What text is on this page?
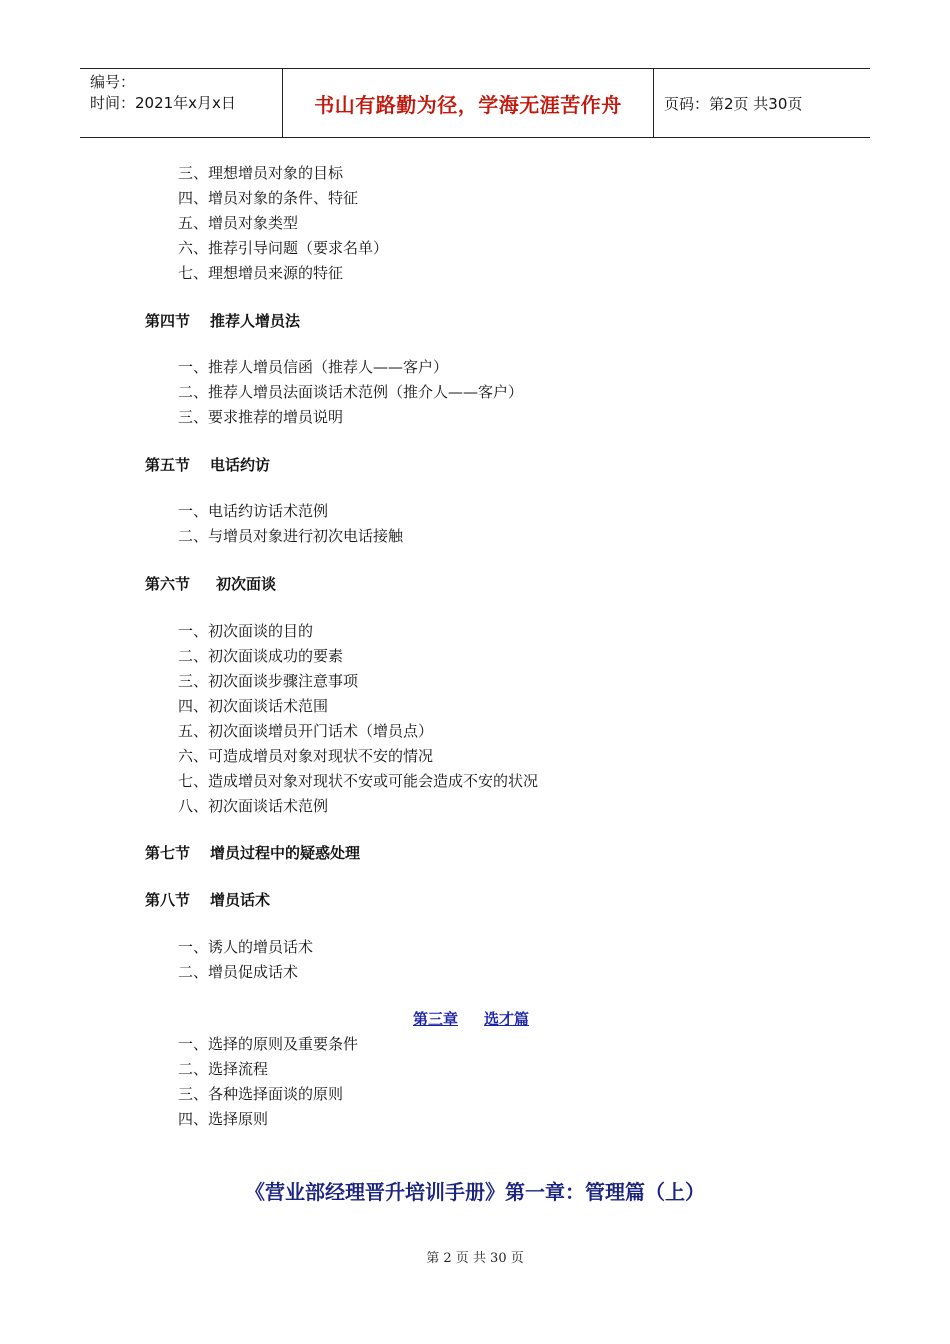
编号：
时间：2021年x月x日	书山有路勤为径，学海无涯苦作舟	页码：第2页 共30页
三、理想增员对象的目标
四、增员对象的条件、特征
五、增员对象类型
六、推荐引导问题（要求名单）
七、理想增员来源的特征
第四节 推荐人增员法
一、推荐人增员信函（推荐人——客户）
二、推荐人增员法面谈话术范例（推介人——客户）
三、要求推荐的增员说明
第五节 电话约访
一、电话约访话术范例
二、与增员对象进行初次电话接触
第六节 初次面谈
一、初次面谈的目的
二、初次面谈成功的要素
三、初次面谈步骤注意事项
四、初次面谈话术范围
五、初次面谈增员开门话术（增员点）
六、可造成增员对象对现状不安的情况
七、造成增员对象对现状不安或可能会造成不安的状况
八、初次面谈话术范例
第七节 增员过程中的疑惑处理
第八节 增员话术
一、诱人的增员话术
二、增员促成话术
第三章 选才篇
一、选择的原则及重要条件
二、选择流程
三、各种选择面谈的原则
四、选择原则
《营业部经理晋升培训手册》第一章：管理篇（上）
第 2 页 共 30 页
